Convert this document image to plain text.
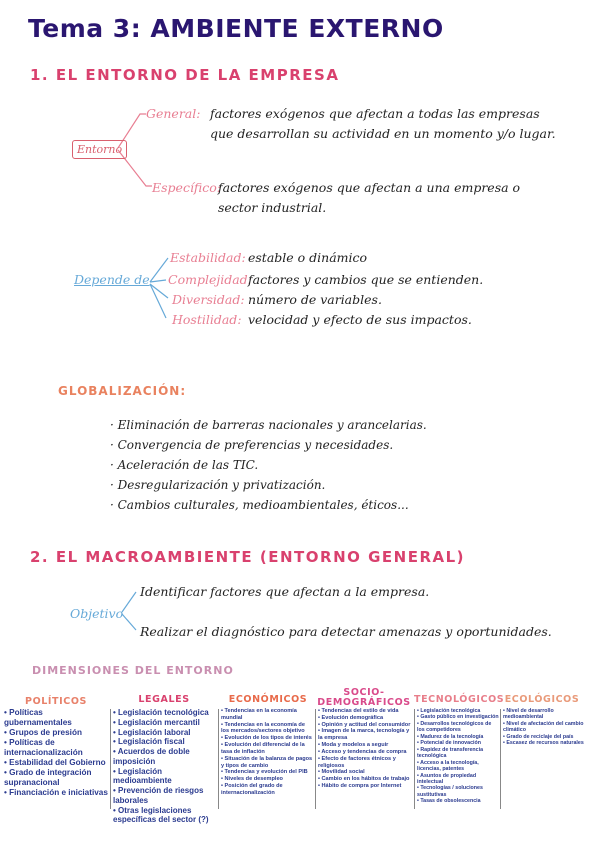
Tema 3: AMBIENTE EXTERNO
1. EL ENTORNO DE LA EMPRESA
Entorno
General: factores exógenos que afectan a todas las empresas
que desarrollan su actividad en un momento y/o lugar.
Específico:
factores exógenos que afectan a una empresa o
sector industrial.
Depende de
Estabilidad: estable o dinámico
Complejidad:
factores y cambios que se entienden.
Diversidad: número de variables.
Hostilidad: velocidad y efecto de sus impactos.
GLOBALIZACIÓN:
· Eliminación de barreras nacionales y arancelarias.
· Convergencia de preferencias y necesidades.
· Aceleración de las TIC.
· Desregularización y privatización.
· Cambios culturales, medioambientales, éticos...
2. EL MACROAMBIENTE (ENTORNO GENERAL)
Objetivo
Identificar factores que afectan a la empresa.
Realizar el diagnóstico para detectar amenazas y oportunidades.
DIMENSIONES DEL ENTORNO
POLÍTICOS	LEGALES	ECONÓMICOS
SOCIO-DEMOGRÁFICOS TECNOLÓGICOS ECOLÓGICOS
• Políticas gubernamentales
• Grupos de presión
• Políticas de internacionalización
• Estabilidad del Gobierno
• Grado de integración supranacional
• Financiación e iniciativas
• Legislación tecnológica
• Legislación mercantil
• Legislación laboral
• Legislación fiscal
• Acuerdos de doble imposición
• Legislación medioambiente
• Prevención de riesgos laborales
• Otras legislaciones específicas del sector (?)
• Tendencias en la economía mundial
• Tendencias en la economía de los mercados/sectores objetivo
• Evolución de los tipos de interés
• Evolución del diferencial de la tasa de inflación
• Situación de la balanza de pagos y tipos de cambio
• Tendencias y evolución del PIB
• Niveles de desempleo
• Posición del grado de internacionalización
• Tendencias del estilo de vida
• Evolución demográfica
• Opinión y actitud del consumidor
• Imagen de la marca, tecnología y la empresa
• Moda y modelos a seguir
• Acceso y tendencias de compra
• Efecto de factores étnicos y religiosos
• Movilidad social
• Cambio en los hábitos de trabajo
• Hábito de compra por Internet
• Legislación tecnológica
• Gasto público en investigación
• Desarrollos tecnológicos de los competidores
• Madurez de la tecnología
• Potencial de innovación
• Rapidez de transferencia tecnológica
• Acceso a la tecnología, licencias, patentes
• Asuntos de propiedad intelectual
• Tecnologías / soluciones sustitutivas
• Tasas de obsolescencia
• Nivel de desarrollo medioambiental
• Nivel de afectación del cambio climático
• Grado de reciclaje del país
• Escasez de recursos naturales
